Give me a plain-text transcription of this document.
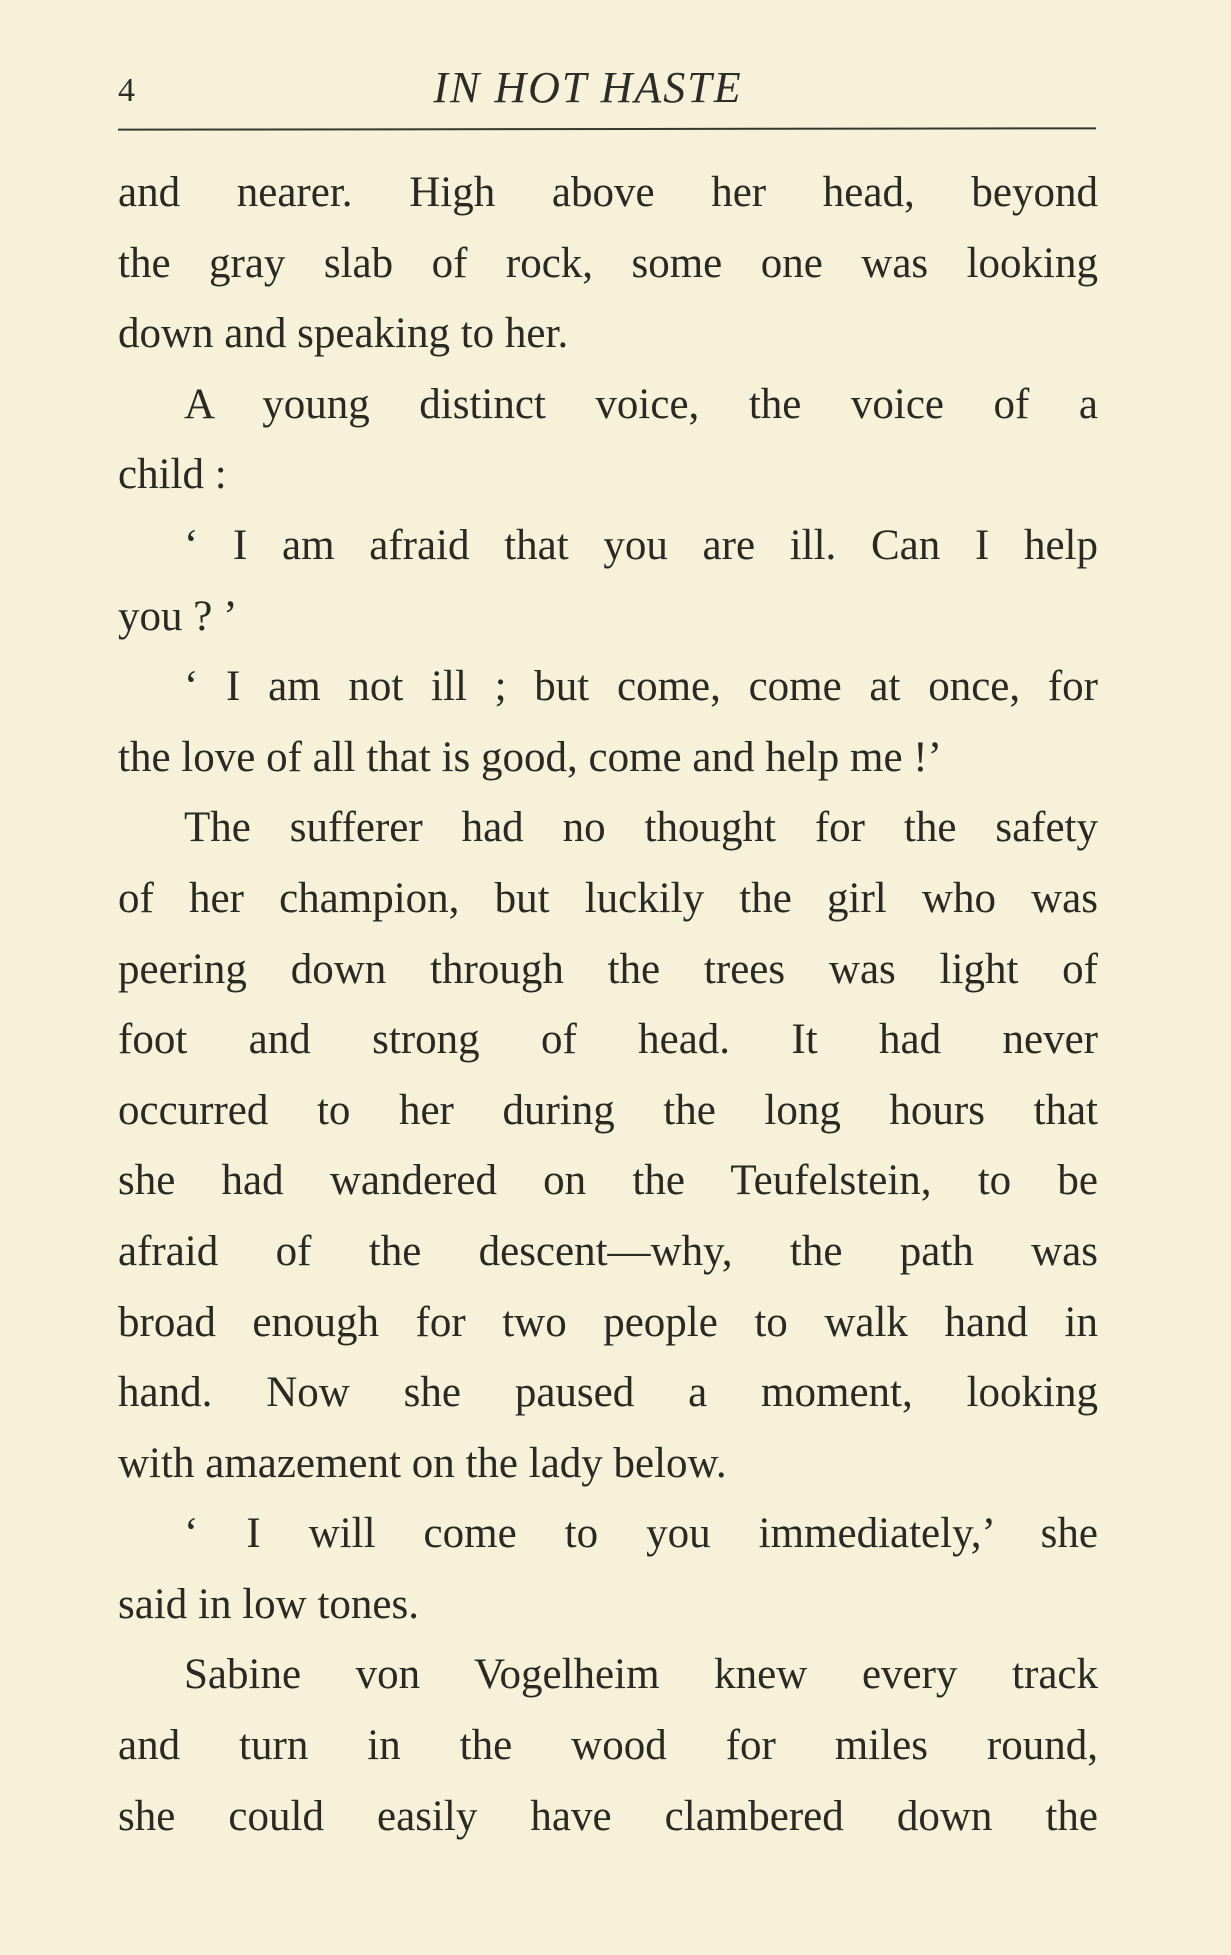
4	IN HOT HASTE
and nearer. High above her head, beyond
the gray slab of rock, some one was looking
down and speaking to her.
A young distinct voice, the voice of a
child :
‘ I am afraid that you are ill. Can I help
you ? ’
‘ I am not ill ; but come, come at once, for
the love of all that is good, come and help me !’
The sufferer had no thought for the safety
of her champion, but luckily the girl who was
peering down through the trees was light of
foot and strong of head. It had never
occurred to her during the long hours that
she had wandered on the Teufelstein, to be
afraid of the descent—why, the path was
broad enough for two people to walk hand in
hand. Now she paused a moment, looking
with amazement on the lady below.
‘ I will come to you immediately,’ she
said in low tones.
Sabine von Vogelheim knew every track
and turn in the wood for miles round,
she could easily have clambered down the
